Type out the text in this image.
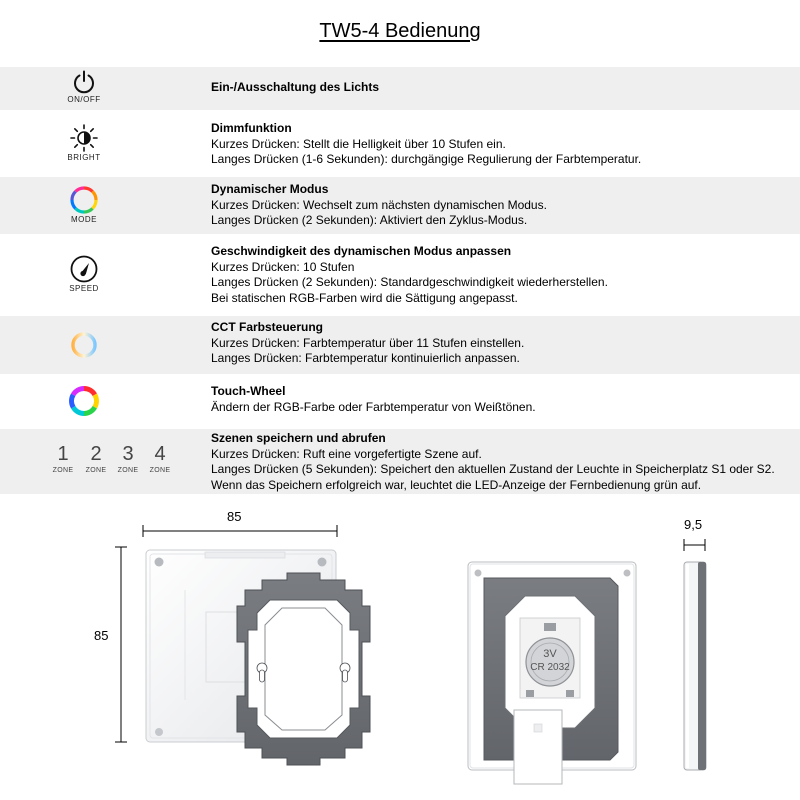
TW5-4 Bedienung
ON/OFF
Ein-/Ausschaltung des Lichts
BRIGHT
Dimmfunktion
Kurzes Drücken: Stellt die Helligkeit über 10 Stufen ein.
Langes Drücken (1-6 Sekunden): durchgängige Regulierung der Farbtemperatur.
MODE
Dynamischer Modus
Kurzes Drücken: Wechselt zum nächsten dynamischen Modus.
Langes Drücken (2 Sekunden): Aktiviert den Zyklus-Modus.
SPEED
Geschwindigkeit des dynamischen Modus anpassen
Kurzes Drücken: 10 Stufen
Langes Drücken (2 Sekunden): Standardgeschwindigkeit wiederherstellen.
Bei statischen RGB-Farben wird die Sättigung angepasst.
CCT Farbsteuerung
Kurzes Drücken: Farbtemperatur über 11 Stufen einstellen.
Langes Drücken: Farbtemperatur kontinuierlich anpassen.
Touch-Wheel
Ändern der RGB-Farbe oder Farbtemperatur von Weißtönen.
1
ZONE
2
ZONE
3
ZONE
4
ZONE
Szenen speichern und abrufen
Kurzes Drücken: Ruft eine vorgefertigte Szene auf.
Langes Drücken (5 Sekunden): Speichert den aktuellen Zustand der Leuchte in Speicherplatz S1 oder S2.
Wenn das Speichern erfolgreich war, leuchtet die LED-Anzeige der Fernbedienung grün auf.
85
85
9,5
3V
CR 2032
